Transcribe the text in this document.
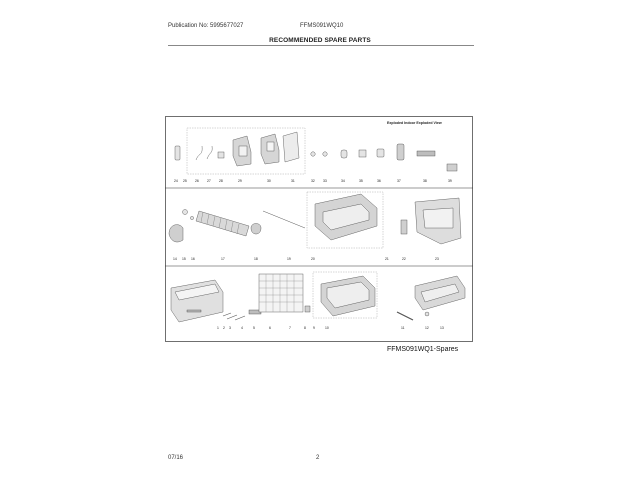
Publication No: 5995677027	FFMS091WQ10
RECOMMENDED SPARE PARTS
Exploded Indoor Exploded View
24 25 26 27 28	29	30	31	32 33	34	35	36	37	38	39
14 15 16	17	18	19	20	21	22	23
1 2 3	4	5	6	7	8 9	10	11	12	13
FFMS091WQ1-Spares
07/16	2
